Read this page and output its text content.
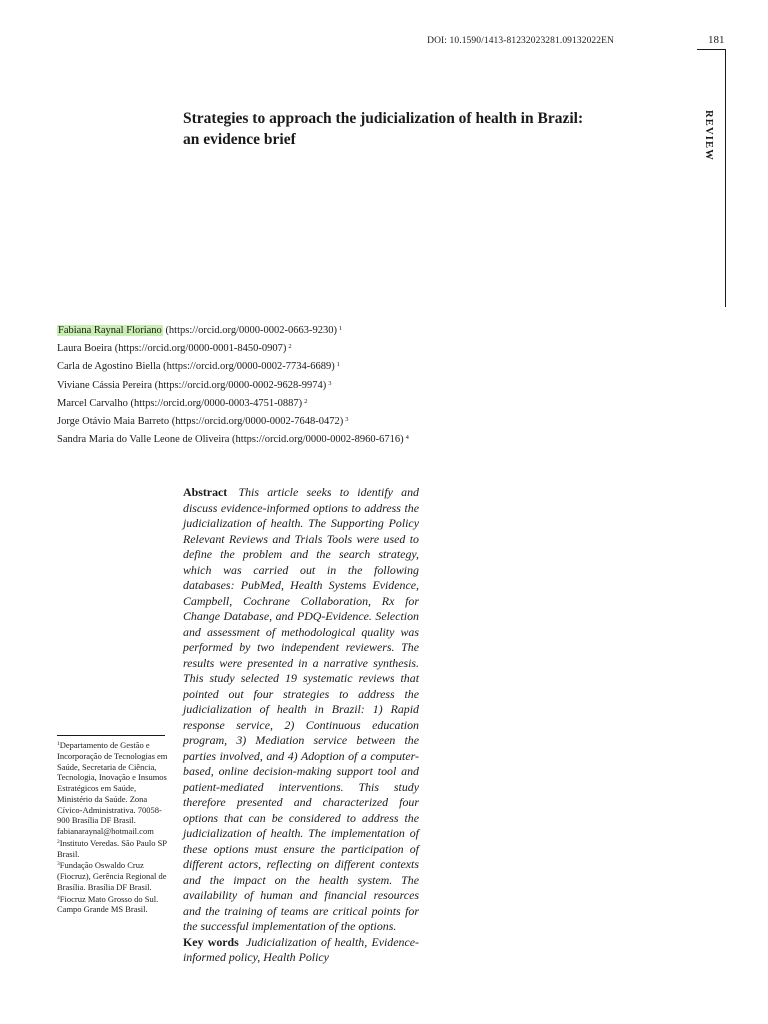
DOI: 10.1590/1413-81232023281.09132022EN	181
REVIEW
Strategies to approach the judicialization of health in Brazil:
an evidence brief
Fabiana Raynal Floriano (https://orcid.org/0000-0002-0663-9230) $^1$
Laura Boeira (https://orcid.org/0000-0001-8450-0907) $^2$
Carla de Agostino Biella (https://orcid.org/0000-0002-7734-6689) $^1$
Viviane Cássia Pereira (https://orcid.org/0000-0002-9628-9974) $^3$
Marcel Carvalho (https://orcid.org/0000-0003-4751-0887) $^2$
Jorge Otávio Maia Barreto (https://orcid.org/0000-0002-7648-0472) $^3$
Sandra Maria do Valle Leone de Oliveira (https://orcid.org/0000-0002-8960-6716) $^4$

Abstract This article seeks to identify and discuss evidence-informed options to address the judicialization of health. The Supporting Policy Relevant Reviews and Trials Tools were used to define the problem and the search strategy, which was carried out in the following databases: PubMed, Health Systems Evidence, Campbell, Cochrane Collaboration, Rx for Change Database, and PDQ-Evidence. Selection and assessment of methodological quality was performed by two independent reviewers. The results were presented in a narrative synthesis. This study selected 19 systematic reviews that pointed out four strategies to address the judicialization of health in Brazil: 1) Rapid response service, 2) Continuous education program, 3) Mediation service between the parties involved, and 4) Adoption of a computer-based, online decision-making support tool and patient-mediated interventions. This study therefore presented and characterized four options that can be considered to address the judicialization of health. The implementation of these options must ensure the participation of different actors, reflecting on different contexts and the impact on the health system. The availability of human and financial resources and the training of teams are critical points for the successful implementation of the options.

Key words Judicialization of health, Evidence-informed policy, Health Policy

$^1$Departamento de Gestão e Incorporação de Tecnologias em Saúde, Secretaria de Ciência, Tecnologia, Inovação e Insumos Estratégicos em Saúde, Ministério da Saúde. Zona Cívico-Administrativa. 70058-900 Brasília DF Brasil. fabianaraynal@hotmail.com
$^2$Instituto Veredas. São Paulo SP Brasil.
$^3$Fundação Oswaldo Cruz (Fiocruz), Gerência Regional de Brasília. Brasília DF Brasil.
$^4$Fiocruz Mato Grosso do Sul. Campo Grande MS Brasil.
